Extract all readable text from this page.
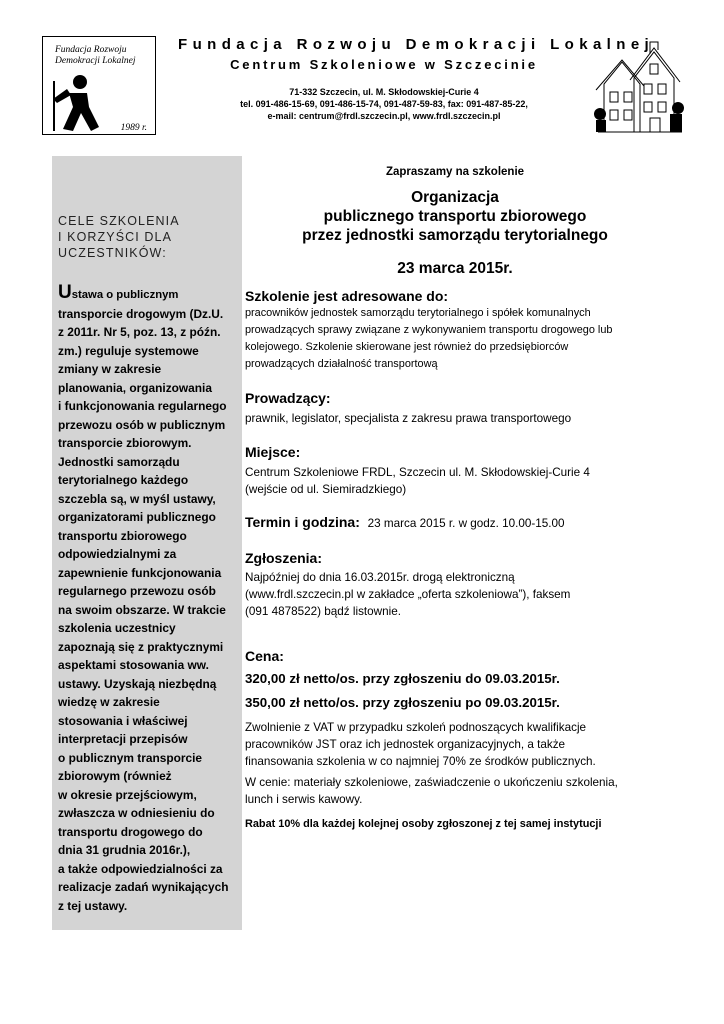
Fundacja Rozwoju
Demokracji Lokalnej
1989 r.
Fundacja Rozwoju Demokracji Lokalnej
Centrum Szkoleniowe w Szczecinie
71-332 Szczecin, ul. M. Skłodowskiej-Curie 4
tel. 091-486-15-69, 091-486-15-74, 091-487-59-83, fax: 091-487-85-22,
e-mail: centrum@frdl.szczecin.pl, www.frdl.szczecin.pl
CELE SZKOLENIA
I KORZYŚCI DLA
UCZESTNIKÓW:
Ustawa o publicznym
transporcie drogowym (Dz.U.
z 2011r. Nr 5, poz. 13, z późn.
zm.) reguluje systemowe
zmiany w zakresie
planowania, organizowania
i funkcjonowania regularnego
przewozu osób w publicznym
transporcie zbiorowym.
Jednostki samorządu
terytorialnego każdego
szczebla są, w myśl ustawy,
organizatorami publicznego
transportu zbiorowego
odpowiedzialnymi za
zapewnienie funkcjonowania
regularnego przewozu osób
na swoim obszarze. W trakcie
szkolenia uczestnicy
zapoznają się z praktycznymi
aspektami stosowania ww.
ustawy. Uzyskają niezbędną
wiedzę w zakresie
stosowania i właściwej
interpretacji przepisów
o publicznym transporcie
zbiorowym (również
w okresie przejściowym,
zwłaszcza w odniesieniu do
transportu drogowego do
dnia 31 grudnia 2016r.),
a także odpowiedzialności za
realizacje zadań wynikających
z tej ustawy.
Zapraszamy na szkolenie
Organizacja
publicznego transportu zbiorowego
przez jednostki samorządu terytorialnego
23 marca 2015r.
Szkolenie jest adresowane do:
pracowników jednostek samorządu terytorialnego i spółek komunalnych
prowadzących sprawy związane z wykonywaniem transportu drogowego lub
kolejowego. Szkolenie skierowane jest również do przedsiębiorców
prowadzących działalność transportową
Prowadzący:
prawnik, legislator, specjalista z zakresu prawa transportowego
Miejsce:
Centrum Szkoleniowe FRDL, Szczecin ul. M. Skłodowskiej-Curie 4
(wejście od ul. Siemiradzkiego)
Termin i godzina: 23 marca 2015 r. w godz. 10.00-15.00
Zgłoszenia:
Najpóźniej do dnia 16.03.2015r. drogą elektroniczną
(www.frdl.szczecin.pl w zakładce „oferta szkoleniowa”), faksem
(091 4878522) bądź listownie.
Cena:
320,00 zł netto/os. przy zgłoszeniu do 09.03.2015r.
350,00 zł netto/os. przy zgłoszeniu po 09.03.2015r.
Zwolnienie z VAT w przypadku szkoleń podnoszących kwalifikacje
pracowników JST oraz ich jednostek organizacyjnych, a także
finansowania szkolenia w co najmniej 70% ze środków publicznych.
W cenie: materiały szkoleniowe, zaświadczenie o ukończeniu szkolenia,
lunch i serwis kawowy.
Rabat 10% dla każdej kolejnej osoby zgłoszonej z tej samej instytucji
